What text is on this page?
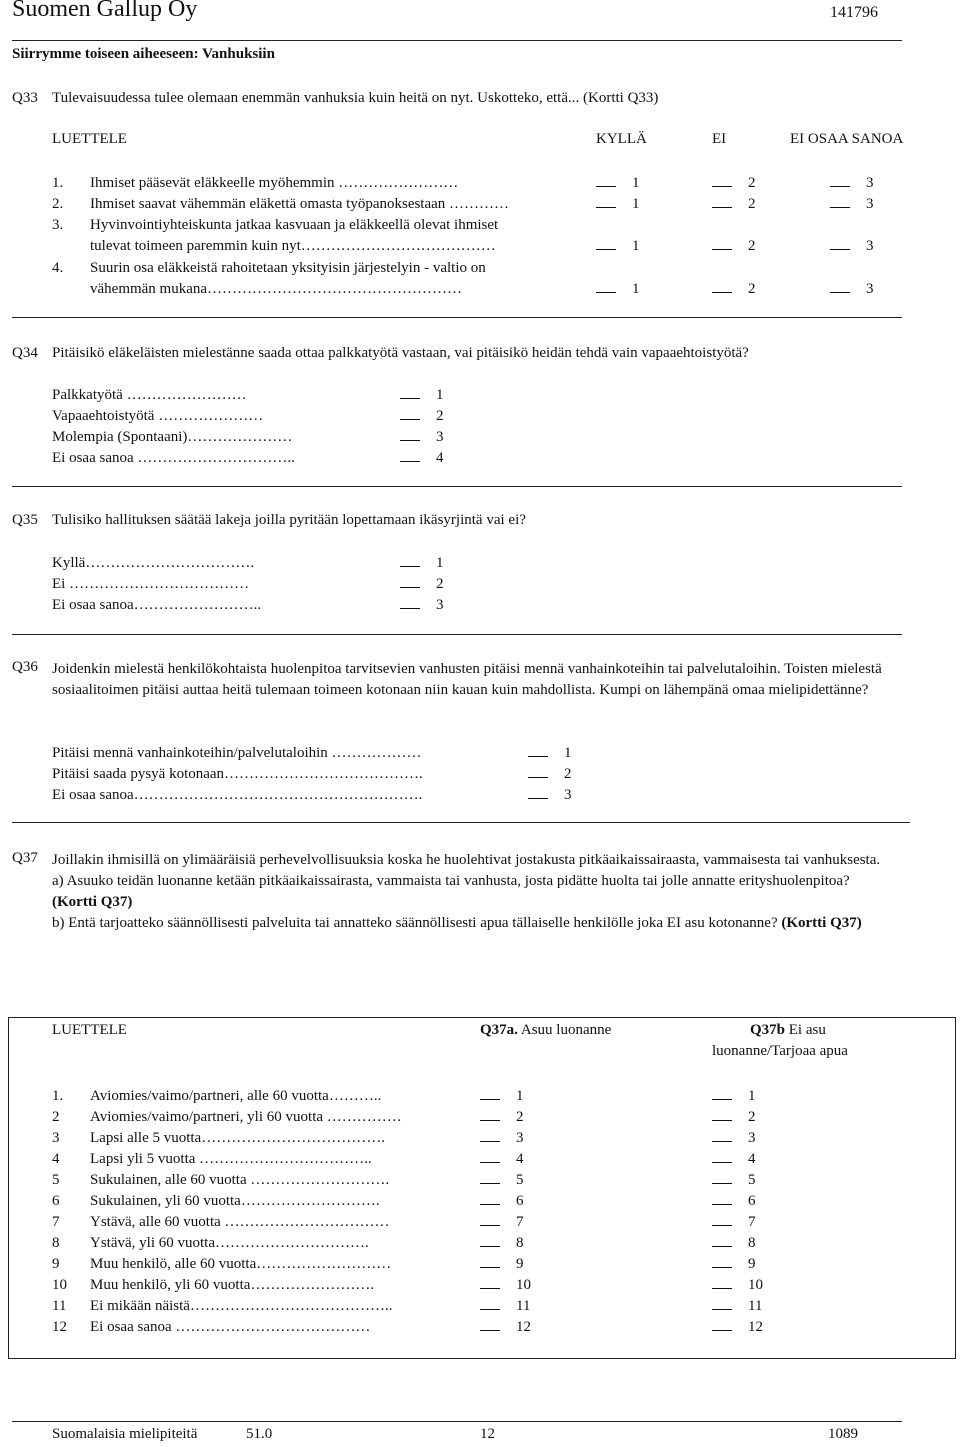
Suomen Gallup Oy	141796
Siirrymme toiseen aiheeseen: Vanhuksiin
Q33 Tulevaisuudessa tulee olemaan enemmän vanhuksia kuin heitä on nyt. Uskotteko, että... (Kortti Q33)
LUETTELE	KYLLÄ	EI	EI OSAA SANOA
1. Ihmiset pääsevät eläkkeelle myöhemmin ……………………	1	2	3
2. Ihmiset saavat vähemmän eläkettä omasta työpanoksestaan …………	1	2	3
3. Hyvinvointiyhteiskunta jatkaa kasvuaan ja eläkkeellä olevat ihmiset
tulevat toimeen paremmin kuin nyt…………………………………	1	2	3
4. Suurin osa eläkkeistä rahoitetaan yksityisin järjestelyin - valtio on
vähemmän mukana……………………………………………	1	2	3
Q34 Pitäisikö eläkeläisten mielestänne saada ottaa palkkatyötä vastaan, vai pitäisikö heidän tehdä vain vapaaehtoistyötä?
Palkkatyötä ……………………	1
Vapaaehtoistyötä …………………	2
Molempia (Spontaani)…………………	3
Ei osaa sanoa …………………………..	4
Q35 Tulisiko hallituksen säätää lakeja joilla pyritään lopettamaan ikäsyrjintä vai ei?
Kyllä…………………………….	1
Ei ………………………………	2
Ei osaa sanoa……………………..	3
Q36 Joidenkin mielestä henkilökohtaista huolenpitoa tarvitsevien vanhusten pitäisi mennä vanhainkoteihin tai palvelutaloihin. Toisten mielestä sosiaalitoimen pitäisi auttaa heitä tulemaan toimeen kotonaan niin kauan kuin mahdollista. Kumpi on lähempänä omaa mielipidettänne?
Pitäisi mennä vanhainkoteihin/palvelutaloihin ………………	1
Pitäisi saada pysyä kotonaan………………………………….	2
Ei osaa sanoa………………………………………………….	3
Q37 Joillakin ihmisillä on ylimääräisiä perhevelvollisuuksia koska he huolehtivat jostakusta pitkäaikaissairaasta, vammaisesta tai vanhuksesta.
a) Asuuko teidän luonanne ketään pitkäaikaissairasta, vammaista tai vanhusta, josta pidätte huolta tai jolle annatte erityshuolenpitoa? (Kortti Q37)
b) Entä tarjoatteko säännöllisesti palveluita tai annatteko säännöllisesti apua tällaiselle henkilölle joka EI asu kotonanne? (Kortti Q37)
LUETTELE	Q37a. Asuu luonanne	Q37b Ei asu
luonanne/Tarjoaa apua
1. Aviomies/vaimo/partneri, alle 60 vuotta………..	1	1
2 Aviomies/vaimo/partneri, yli 60 vuotta ……………	2	2
3 Lapsi alle 5 vuotta……………………………….	3	3
4 Lapsi yli 5 vuotta ……………………………..	4	4
5 Sukulainen, alle 60 vuotta ……………………….	5	5
6 Sukulainen, yli 60 vuotta……………………….	6	6
7 Ystävä, alle 60 vuotta ……………………………	7	7
8 Ystävä, yli 60 vuotta………………………….	8	8
9 Muu henkilö, alle 60 vuotta………………………	9	9
10 Muu henkilö, yli 60 vuotta…………………….	10	10
11 Ei mikään näistä…………………………………..	11	11
12 Ei osaa sanoa …………………………………	12	12
Suomalaisia mielipiteitä	51.0	12	1089
